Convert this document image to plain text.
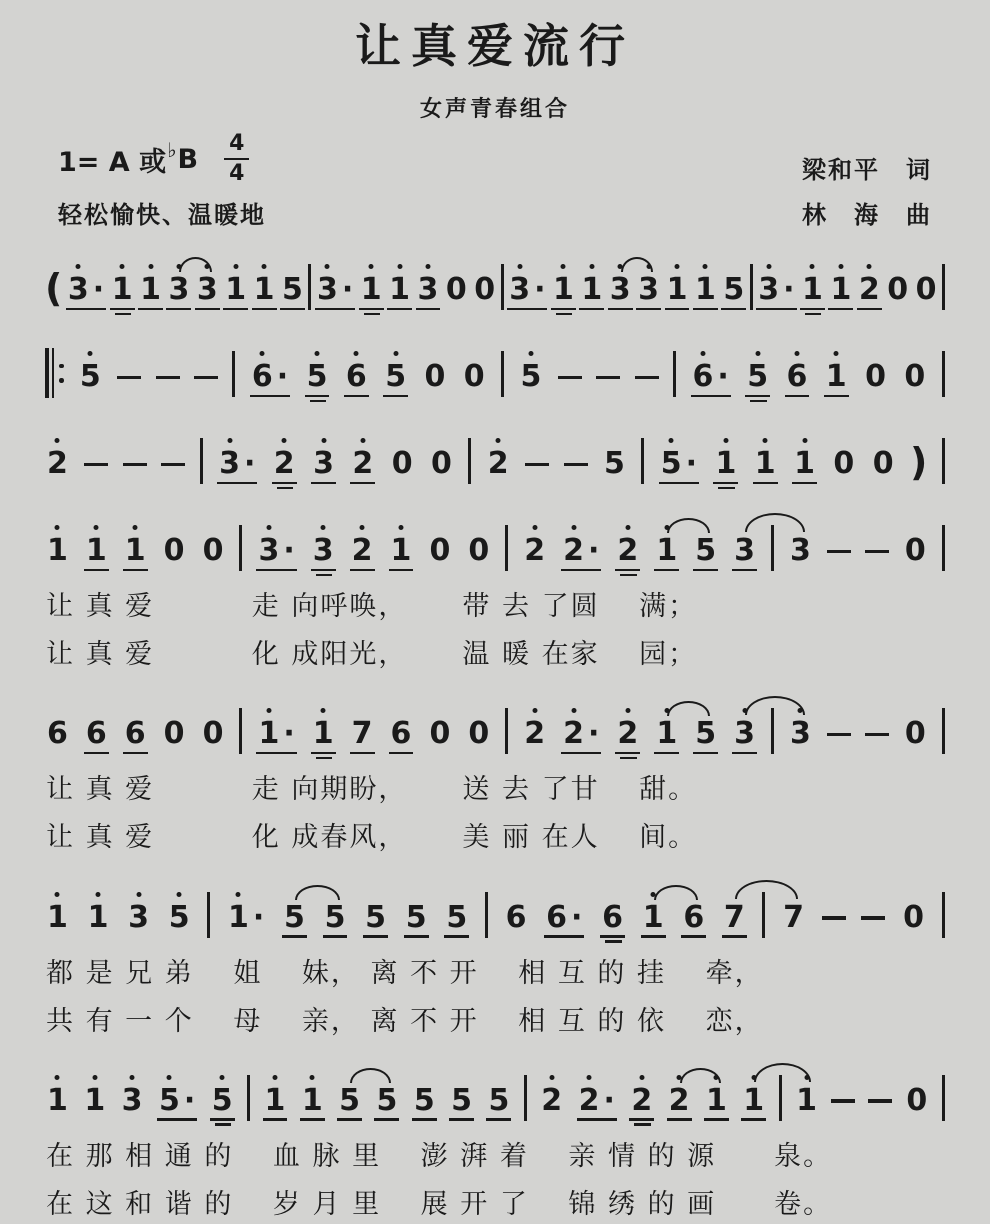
让真爱流行
女声青春组合
1= A 或 ♭ B $\frac{4}{4}$	梁和平　词
轻松愉快、温暖地	林　海　曲
( 3 · 1 1 3 3 1 1 5 3 · 1 1 3 0 0 3 · 1 1 3 3 1 1 5 3 · 1 1 2 0 0
5	6 · 5 6 5 0 0 5	6 · 5 6 1 0 0
2	3 · 2 3 2 0 0 2	5 5 · 1 1 1 0 0 )
1 1 1 0 0 3 · 3 2 1 0 0 2 2 · 2 1 5 3 3	0
让 真 爱　　　 走 向呼唤，　　 带 去 了圆　 满；
让 真 爱　　　 化 成阳光，　　 温 暖 在家　 园；
6 6 6 0 0 1 · 1 7 6 0 0 2 2 · 2 1 5 3 3	0
让 真 爱　　　 走 向期盼，　　 送 去 了甘　 甜。
让 真 爱　　　 化 成春风，　　 美 丽 在人　 间。
1 1 3 5 1 · 5 5 5 5 5 6 6 · 6 1 6 7 7	0
都 是 兄 弟　 姐　 妹， 离 不 开　 相 互 的 挂　 牵，
共 有 一 个　 母　 亲， 离 不 开　 相 互 的 依　 恋，
1 1 3 5 · 5 1 1 5 5 5 5 5 2 2 · 2 2 1 1 1	0
在 那 相 通 的　 血 脉 里　 澎 湃 着　 亲 情 的 源　　泉。
在 这 和 谐 的　 岁 月 里　 展 开 了　 锦 绣 的 画　　卷。
